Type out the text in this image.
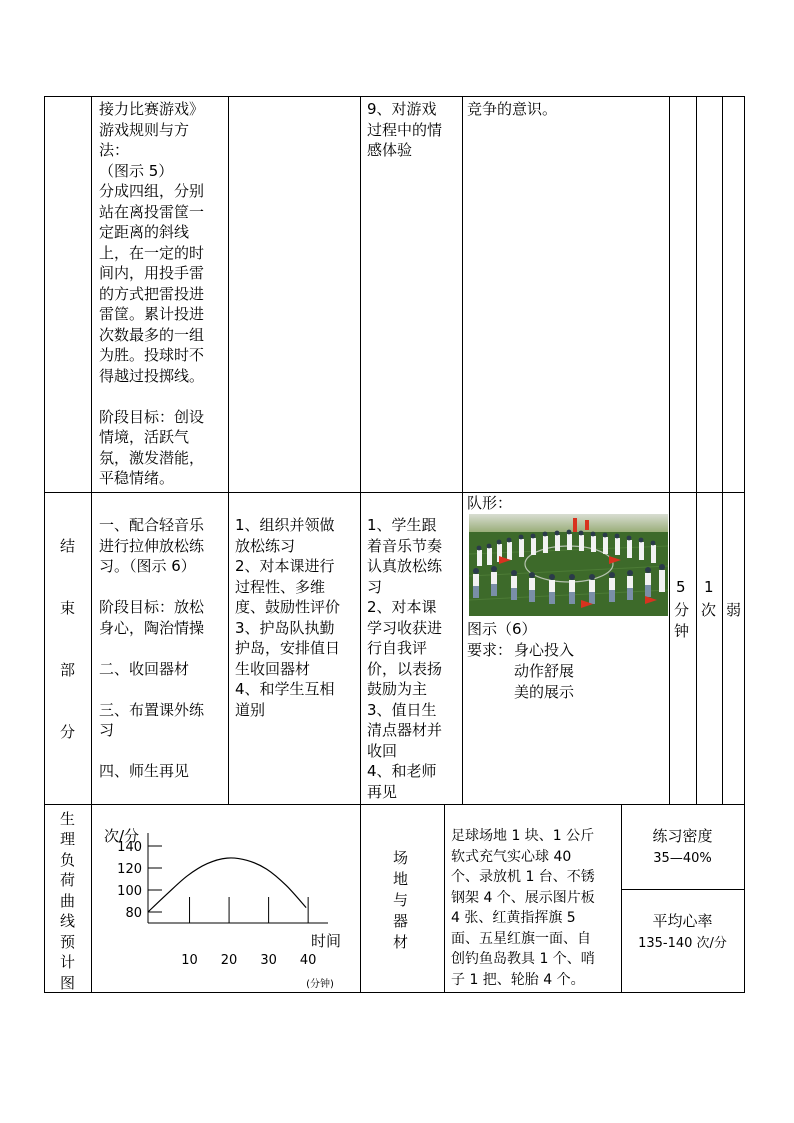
接力比赛游戏》
游戏规则与方
法：
（图示 5）
分成四组，分别
站在离投雷筐一
定距离的斜线
上，在一定的时
间内，用投手雷
的方式把雷投进
雷筐。累计投进
次数最多的一组
为胜。投球时不
得越过投掷线。

阶段目标：创设
情境，活跃气
氛，激发潜能，
平稳情绪。
9、对游戏
过程中的情
感体验
竞争的意识。
结
束
部
分
一、配合轻音乐
进行拉伸放松练
习。（图示 6）

阶段目标：放松
身心，陶治情操

二、收回器材

三、布置课外练
习

四、师生再见
1、组织并领做
放松练习
2、对本课进行
过程性、多维
度、鼓励性评价
3、护岛队执勤
护岛，安排值日
生收回器材
4、和学生互相
道别
1、学生跟
着音乐节奏
认真放松练
习
2、对本课
学习收获进
行自我评
价，以表扬
鼓励为主
3、值日生
清点器材并
收回
4、和老师
再见
队形：
图示（6）
要求： 身心投入
动作舒展
美的展示
5
分
钟
1
次 弱
生
理
负
荷
曲
线
预
计
图
次/分
80
100
120
140
10 20 30 40
时间
(分钟)
场
地
与
器
材
足球场地 1 块、1 公斤
软式充气实心球 40
个、录放机 1 台、不锈
钢架 4 个、展示图片板
4 张、红黄指挥旗 5
面、五星红旗一面、自
创钓鱼岛教具 1 个、哨
子 1 把、轮胎 4 个。
练习密度
35—40%
平均心率
135-140 次/分
